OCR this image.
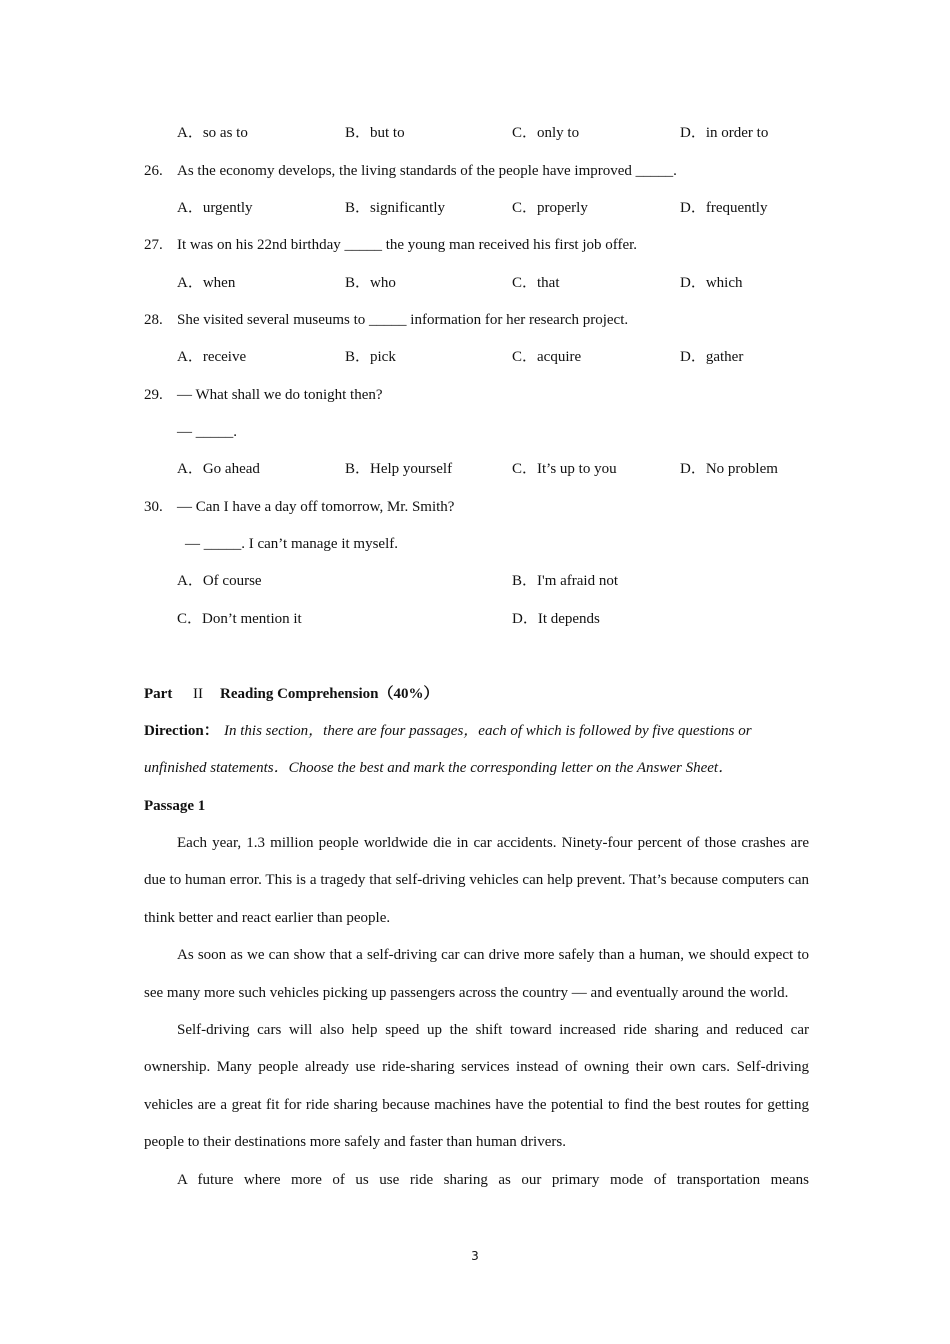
A．so as to	B．but to	C．only to	D．in order to
26. As the economy develops, the living standards of the people have improved _____.
A．urgently	B．significantly	C．properly	D．frequently
27. It was on his 22nd birthday _____ the young man received his first job offer.
A．when	B．who	C．that	D．which
28. She visited several museums to _____ information for her research project.
A．receive	B．pick	C．acquire	D．gather
29. — What shall we do tonight then?
— _____.
A．Go ahead	B．Help yourself	C．It’s up to you	D．No problem
30. — Can I have a day off tomorrow, Mr. Smith?
— _____. I can’t manage it myself.
A．Of course	B．I'm afraid not
C．Don’t mention it	D．It depends
Part II Reading Comprehension（40%）
Direction： In this section，there are four passages，each of which is followed by five questions or
unfinished statements．Choose the best and mark the corresponding letter on the Answer Sheet．
Passage 1

Each year, 1.3 million people worldwide die in car accidents. Ninety-four percent of those crashes are due to human error. This is a tragedy that self-driving vehicles can help prevent. That’s because computers can think better and react earlier than people.

As soon as we can show that a self-driving car can drive more safely than a human, we should expect to see many more such vehicles picking up passengers across the country — and eventually around the world.

Self-driving cars will also help speed up the shift toward increased ride sharing and reduced car ownership. Many people already use ride-sharing services instead of owning their own cars. Self-driving vehicles are a great fit for ride sharing because machines have the potential to find the best routes for getting people to their destinations more safely and faster than human drivers.

A future where more of us use ride sharing as our primary mode of transportation means

3
